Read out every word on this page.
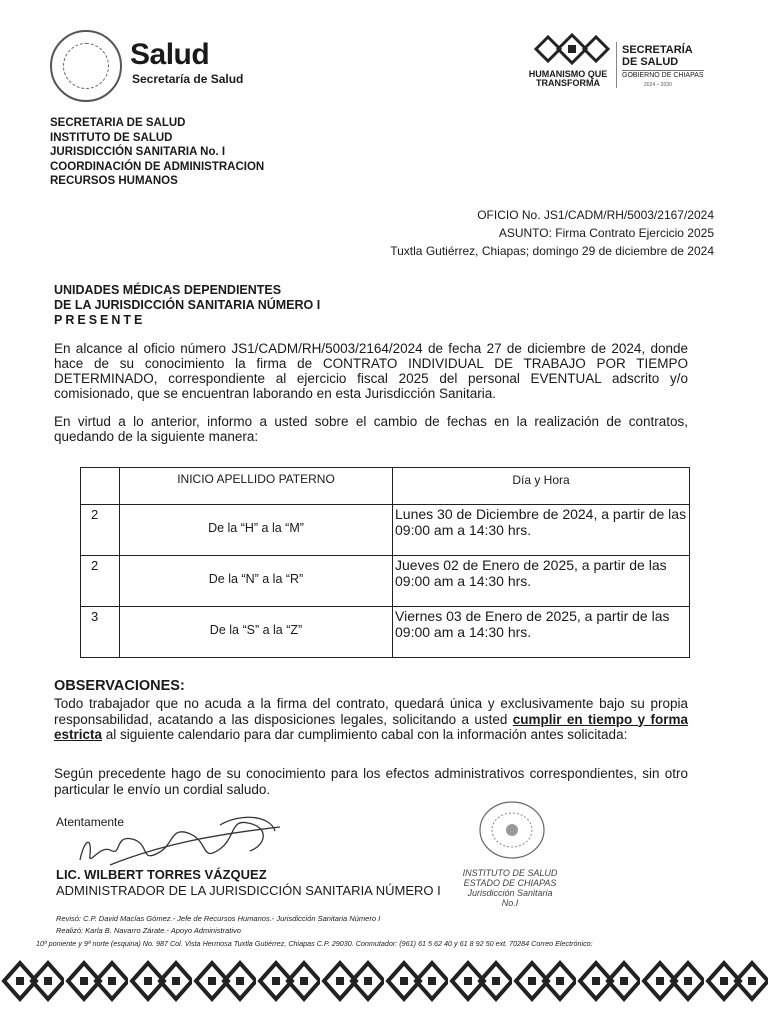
Salud
Secretaría de Salud	HUMANISMO QUE TRANSFORMA
SECRETARÍA
DE SALUD
GOBIERNO DE CHIAPAS
2024 – 2030
SECRETARIA DE SALUD
INSTITUTO DE SALUD
JURISDICCIÓN SANITARIA No. I
COORDINACIÓN DE ADMINISTRACION
RECURSOS HUMANOS
OFICIO No. JS1/CADM/RH/5003/2167/2024
ASUNTO: Firma Contrato Ejercicio 2025
Tuxtla Gutiérrez, Chiapas; domingo 29 de diciembre de 2024
UNIDADES MÉDICAS DEPENDIENTES
DE LA JURISDICCIÓN SANITARIA NÚMERO I
PRESENTE
En alcance al oficio número JS1/CADM/RH/5003/2164/2024 de fecha 27 de diciembre de 2024, donde hace de su conocimiento la firma de CONTRATO INDIVIDUAL DE TRABAJO POR TIEMPO DETERMINADO, correspondiente al ejercicio fiscal 2025 del personal EVENTUAL adscrito y/o comisionado, que se encuentran laborando en esta Jurisdicción Sanitaria.
En virtud a lo anterior, informo a usted sobre el cambio de fechas en la realización de contratos, quedando de la siguiente manera:
	INICIO APELLIDO PATERNO	Día y Hora
2	De la “H” a la “M”	Lunes 30 de Diciembre de 2024, a partir de las 09:00 am a 14:30 hrs.
2	De la “N” a la “R”	Jueves 02 de Enero de 2025, a partir de las 09:00 am a 14:30 hrs.
3	De la “S” a la “Z”	Viernes 03 de Enero de 2025, a partir de las 09:00 am a 14:30 hrs.
OBSERVACIONES:
Todo trabajador que no acuda a la firma del contrato, quedará única y exclusivamente bajo su propia responsabilidad, acatando a las disposiciones legales, solicitando a usted cumplir en tiempo y forma estricta al siguiente calendario para dar cumplimiento cabal con la información antes solicitada:
Según precedente hago de su conocimiento para los efectos administrativos correspondientes, sin otro particular le envío un cordial saludo.
Atentamente
LIC. WILBERT TORRES VÁZQUEZ
ADMINISTRADOR DE LA JURISDICCIÓN SANITARIA NÚMERO I
INSTITUTO DE SALUD
ESTADO DE CHIAPAS
Jurisdicción Sanitaria No.I
Revisó: C.P. David Macías Gómez.- Jefe de Recursos Humanos.- Jurisdicción Sanitaria Número I
Realizó: Karla B. Navarro Zárate.- Apoyo Administrativo
10ª poniente y 9ª norte (esquina) No. 987 Col. Vista Hermosa Tuxtla Gutiérrez, Chiapas C.P. 29030. Conmutador: (961) 61 5 62 40 y 61 8 92 50 ext. 70284 Correo Electrónico:
